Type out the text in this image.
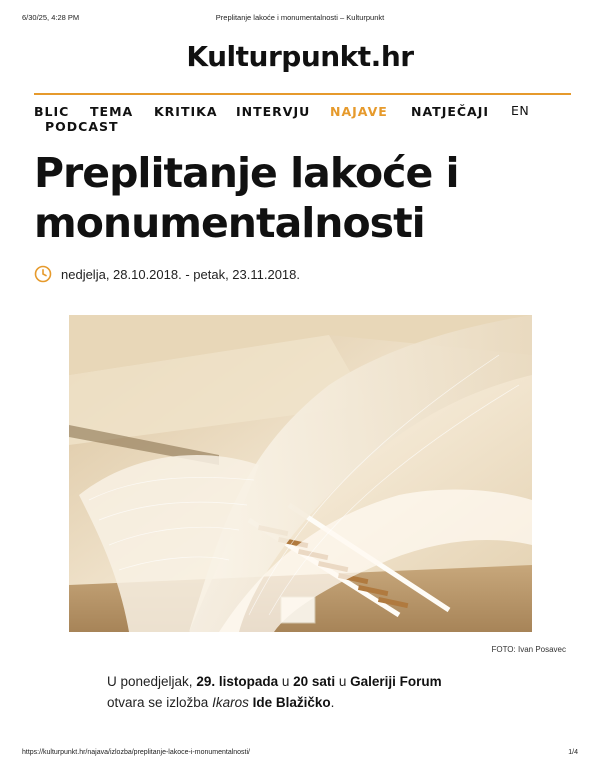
6/30/25, 4:28 PM	Preplitanje lakoće i monumentalnosti – Kulturpunkt
Kulturpunkt.hr
BLIC TEMA KRITIKA INTERVJU NAJAVE NATJEČAJI EN
PODCAST
Preplitanje lakoće i monumentalnosti
nedjelja, 28.10.2018. - petak, 23.11.2018.
FOTO: Ivan Posavec

U ponedjeljak, 29. listopada u 20 sati u Galeriji Forum
otvara se izložba Ikaros Ide Blažičko.

https://kulturpunkt.hr/najava/izlozba/preplitanje-lakoce-i-monumentalnosti/	1/4
